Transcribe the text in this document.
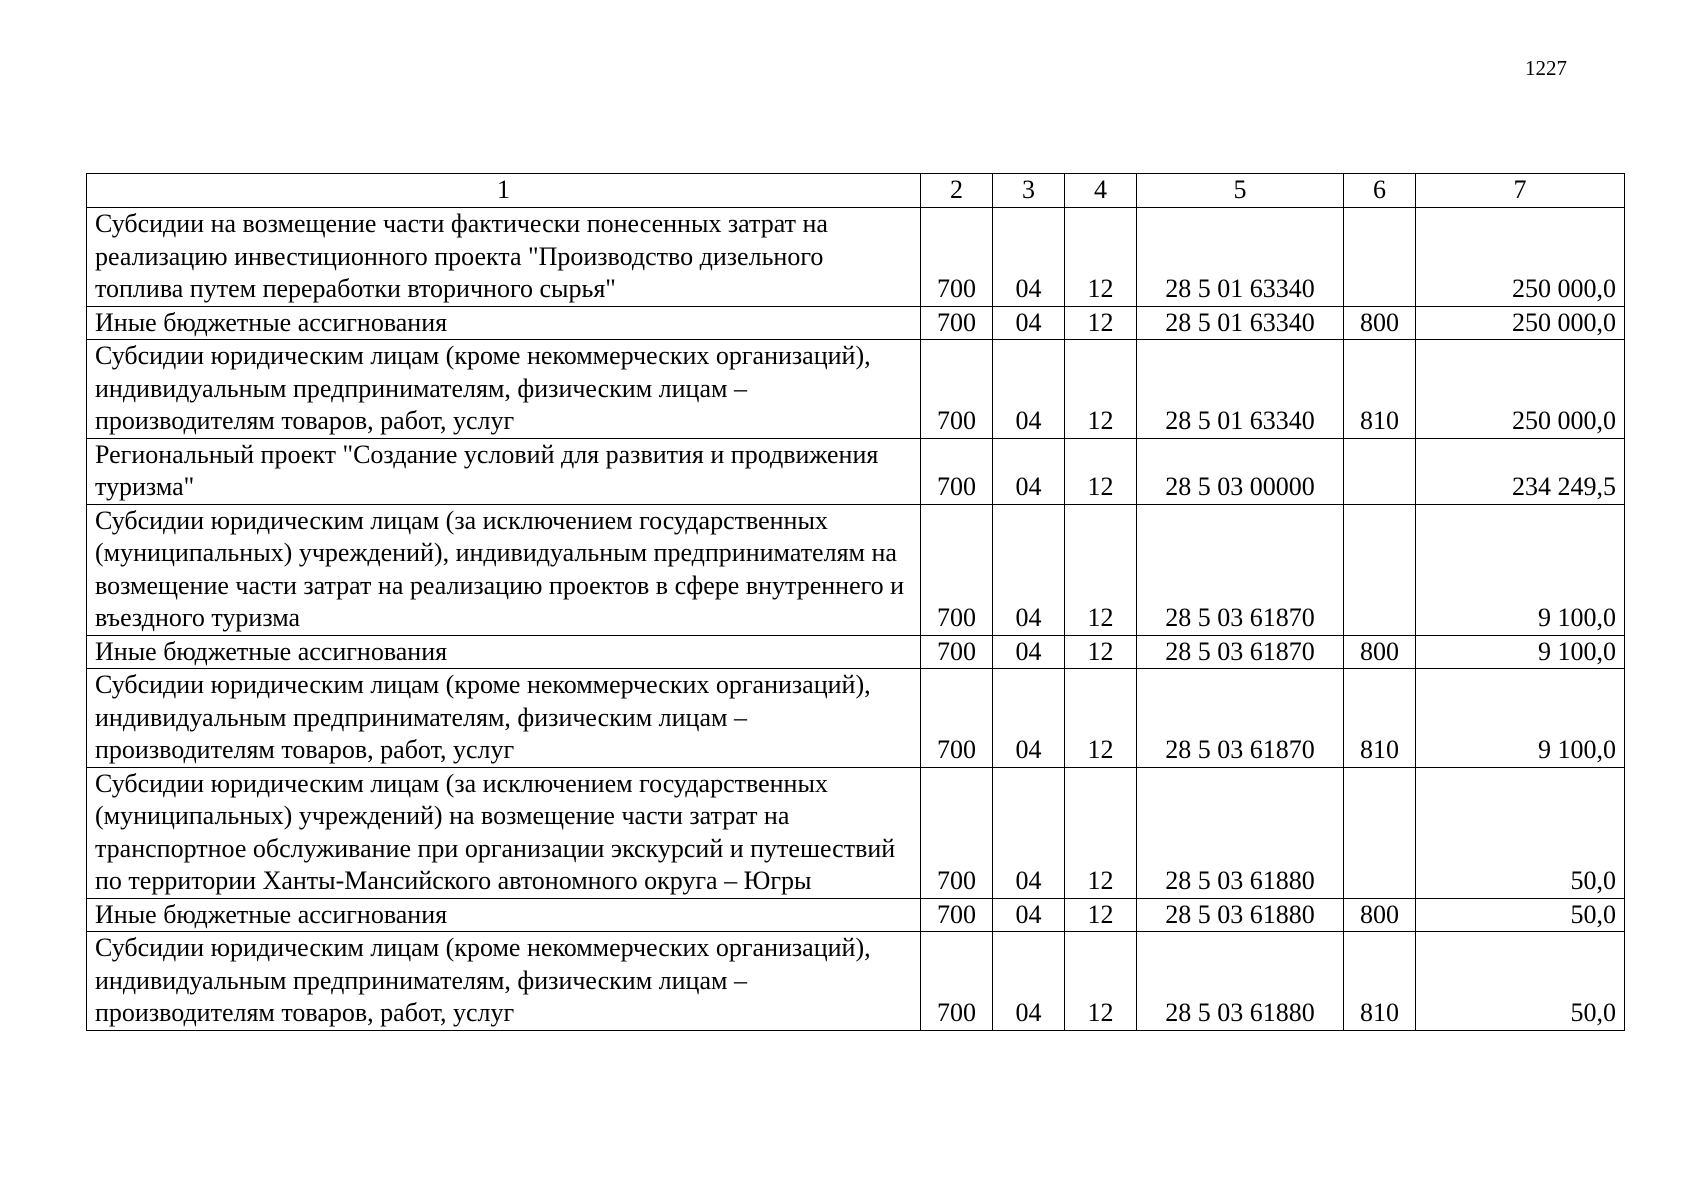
1227
1	2	3	4	5	6	7
Субсидии на возмещение части фактически понесенных затрат на реализацию инвестиционного проекта "Производство дизельного топлива путем переработки вторичного сырья"	700	04	12	28 5 01 63340		250 000,0
Иные бюджетные ассигнования	700	04	12	28 5 01 63340	800	250 000,0
Субсидии юридическим лицам (кроме некоммерческих организаций), индивидуальным предпринимателям, физическим лицам – производителям товаров, работ, услуг	700	04	12	28 5 01 63340	810	250 000,0
Региональный проект "Создание условий для развития и продвижения туризма"	700	04	12	28 5 03 00000		234 249,5
Субсидии юридическим лицам (за исключением государственных (муниципальных) учреждений), индивидуальным предпринимателям на возмещение части затрат на реализацию проектов в сфере внутреннего и въездного туризма	700	04	12	28 5 03 61870		9 100,0
Иные бюджетные ассигнования	700	04	12	28 5 03 61870	800	9 100,0
Субсидии юридическим лицам (кроме некоммерческих организаций), индивидуальным предпринимателям, физическим лицам – производителям товаров, работ, услуг	700	04	12	28 5 03 61870	810	9 100,0
Субсидии юридическим лицам (за исключением государственных (муниципальных) учреждений) на возмещение части затрат на транспортное обслуживание при организации экскурсий и путешествий по территории Ханты-Мансийского автономного округа – Югры	700	04	12	28 5 03 61880		50,0
Иные бюджетные ассигнования	700	04	12	28 5 03 61880	800	50,0
Субсидии юридическим лицам (кроме некоммерческих организаций), индивидуальным предпринимателям, физическим лицам – производителям товаров, работ, услуг	700	04	12	28 5 03 61880	810	50,0
